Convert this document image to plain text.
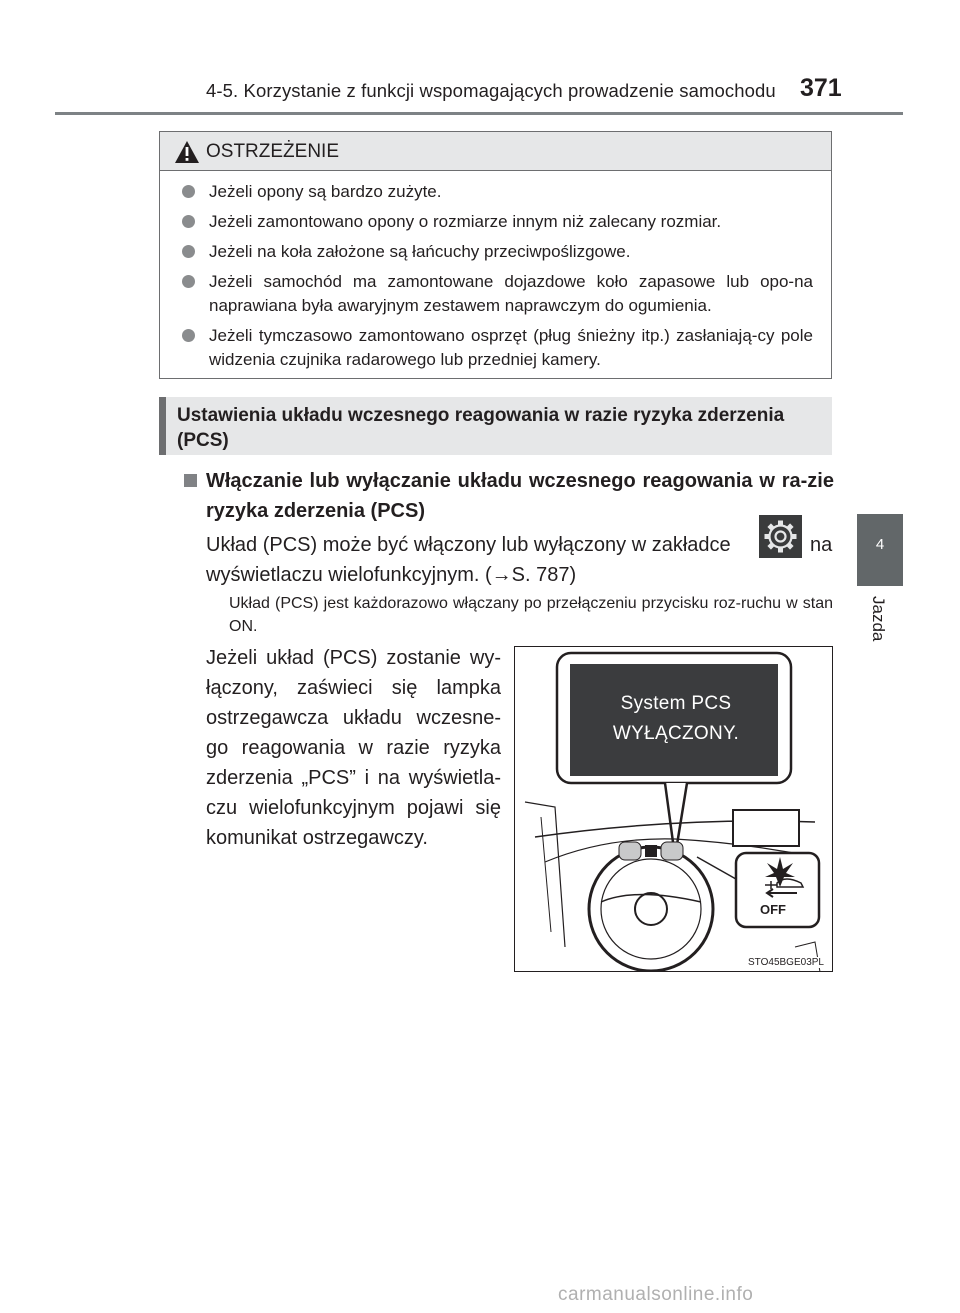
4-5. Korzystanie z funkcji wspomagających prowadzenie samochodu 371
4
Jazda
OSTRZEŻENIE
Jeżeli opony są bardzo zużyte.
Jeżeli zamontowano opony o rozmiarze innym niż zalecany rozmiar.
Jeżeli na koła założone są łańcuchy przeciwpoślizgowe.
Jeżeli samochód ma zamontowane dojazdowe koło zapasowe lub opo-na naprawiana była awaryjnym zestawem naprawczym do ogumienia.
Jeżeli tymczasowo zamontowano osprzęt (pług śnieżny itp.) zasłaniają-cy pole widzenia czujnika radarowego lub przedniej kamery.
Ustawienia układu wczesnego reagowania w razie ryzyka zderzenia (PCS)
Włączanie lub wyłączanie układu wczesnego reagowania w ra-zie ryzyka zderzenia (PCS)
Układ (PCS) może być włączony lub wyłączony w zakładce	na
wyświetlaczu wielofunkcyjnym. (→S. 787)
Układ (PCS) jest każdorazowo włączany po przełączeniu przycisku roz-ruchu w stan ON.
Jeżeli układ (PCS) zostanie wy-łączony, zaświeci się lampka ostrzegawcza układu wczesne-go reagowania w razie ryzyka zderzenia „PCS” i na wyświetla-czu wielofunkcyjnym pojawi się komunikat ostrzegawczy.
System PCS
WYŁĄCZONY.
OFF
STO45BGE03PL
carmanualsonline.info
